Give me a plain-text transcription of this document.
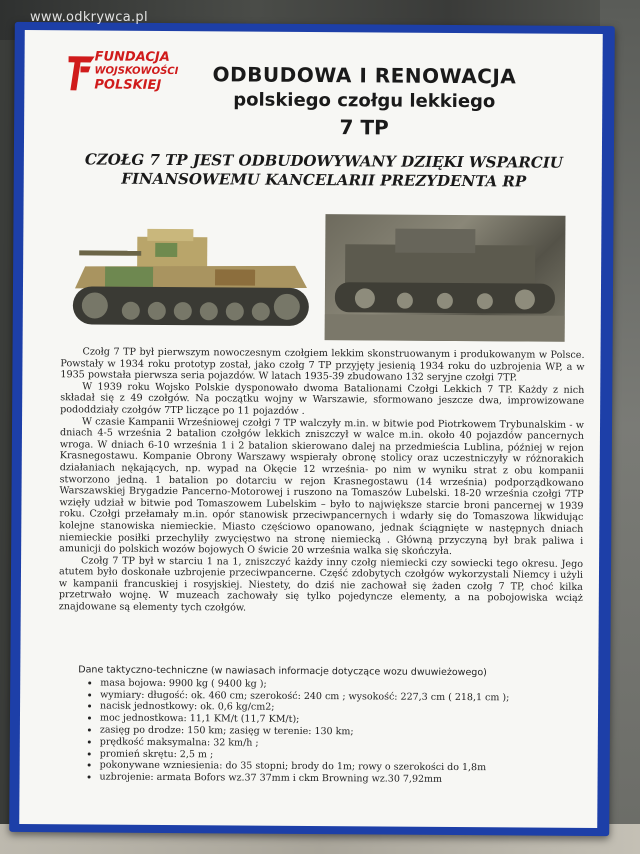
FUNDACJA
WOJSKOWOŚCI
POLSKIEJ	ODBUDOWA I RENOWACJA
polskiego czołgu lekkiego
7 TP
CZOŁG 7 TP JEST ODBUDOWYWANY DZIĘKI WSPARCIU
FINANSOWEMU KANCELARII PREZYDENTA RP

Czołg 7 TP był pierwszym nowoczesnym czołgiem lekkim skonstruowanym i produkowanym w Polsce. Powstały w 1934 roku prototyp został, jako czołg 7 TP przyjęty jesienią 1934 roku do uzbrojenia WP, a w 1935 powstała pierwsza seria pojazdów. W latach 1935-39 zbudowano 132 seryjne czołgi 7TP.

W 1939 roku Wojsko Polskie dysponowało dwoma Batalionami Czołgi Lekkich 7 TP. Każdy z nich składał się z 49 czołgów. Na początku wojny w Warszawie, sformowano jeszcze dwa, improwizowane pododdziały czołgów 7TP liczące po 11 pojazdów .

W czasie Kampanii Wrześniowej czołgi 7 TP walczyły m.in. w bitwie pod Piotrkowem Trybunalskim - w dniach 4-5 września 2 batalion czołgów lekkich zniszczył w walce m.in. około 40 pojazdów pancernych wroga. W dniach 6-10 września 1 i 2 batalion skierowano dalej na przedmieścia Lublina, później w rejon Krasnegostawu. Kompanie Obrony Warszawy wspierały obronę stolicy oraz uczestniczyły w różnorakich działaniach nękających, np. wypad na Okęcie 12 września- po nim w wyniku strat z obu kompanii stworzono jedną. 1 batalion po dotarciu w rejon Krasnegostawu (14 września) podporządkowano Warszawskiej Brygadzie Pancerno-Motorowej i ruszono na Tomaszów Lubelski. 18-20 września czołgi 7TP wzięły udział w bitwie pod Tomaszowem Lubelskim – było to największe starcie broni pancernej w 1939 roku. Czołgi przełamały m.in. opór stanowisk przeciwpancernych i wdarły się do Tomaszowa likwidując kolejne stanowiska niemieckie. Miasto częściowo opanowano, jednak ściągnięte w następnych dniach niemieckie posiłki przechyliły zwycięstwo na stronę niemiecką . Główną przyczyną był brak paliwa i amunicji do polskich wozów bojowych O świcie 20 września walka się skończyła.

Czołg 7 TP był w starciu 1 na 1, zniszczyć każdy inny czołg niemiecki czy sowiecki tego okresu. Jego atutem było doskonałe uzbrojenie przeciwpancerne. Część zdobytych czołgów wykorzystali Niemcy i użyli w kampanii francuskiej i rosyjskiej. Niestety, do dziś nie zachował się żaden czołg 7 TP, choć kilka przetrwało wojnę. W muzeach zachowały się tylko pojedyncze elementy, a na pobojowiska wciąż znajdowane są elementy tych czołgów.

Dane taktyczno-techniczne (w nawiasach informacje dotyczące wozu dwuwieżowego)
• masa bojowa: 9900 kg ( 9400 kg );
• wymiary: długość: ok. 460 cm; szerokość: 240 cm ; wysokość: 227,3 cm ( 218,1 cm );
• nacisk jednostkowy: ok. 0,6 kg/cm2;
• moc jednostkowa: 11,1 KM/t (11,7 KM/t);
• zasięg po drodze: 150 km; zasięg w terenie: 130 km;
• prędkość maksymalna: 32 km/h ;
• promień skrętu: 2,5 m ;
• pokonywane wzniesienia: do 35 stopni; brody do 1m; rowy o szerokości do 1,8m
• uzbrojenie: armata Bofors wz.37 37mm i ckm Browning wz.30 7,92mm
www.odkrywca.pl
